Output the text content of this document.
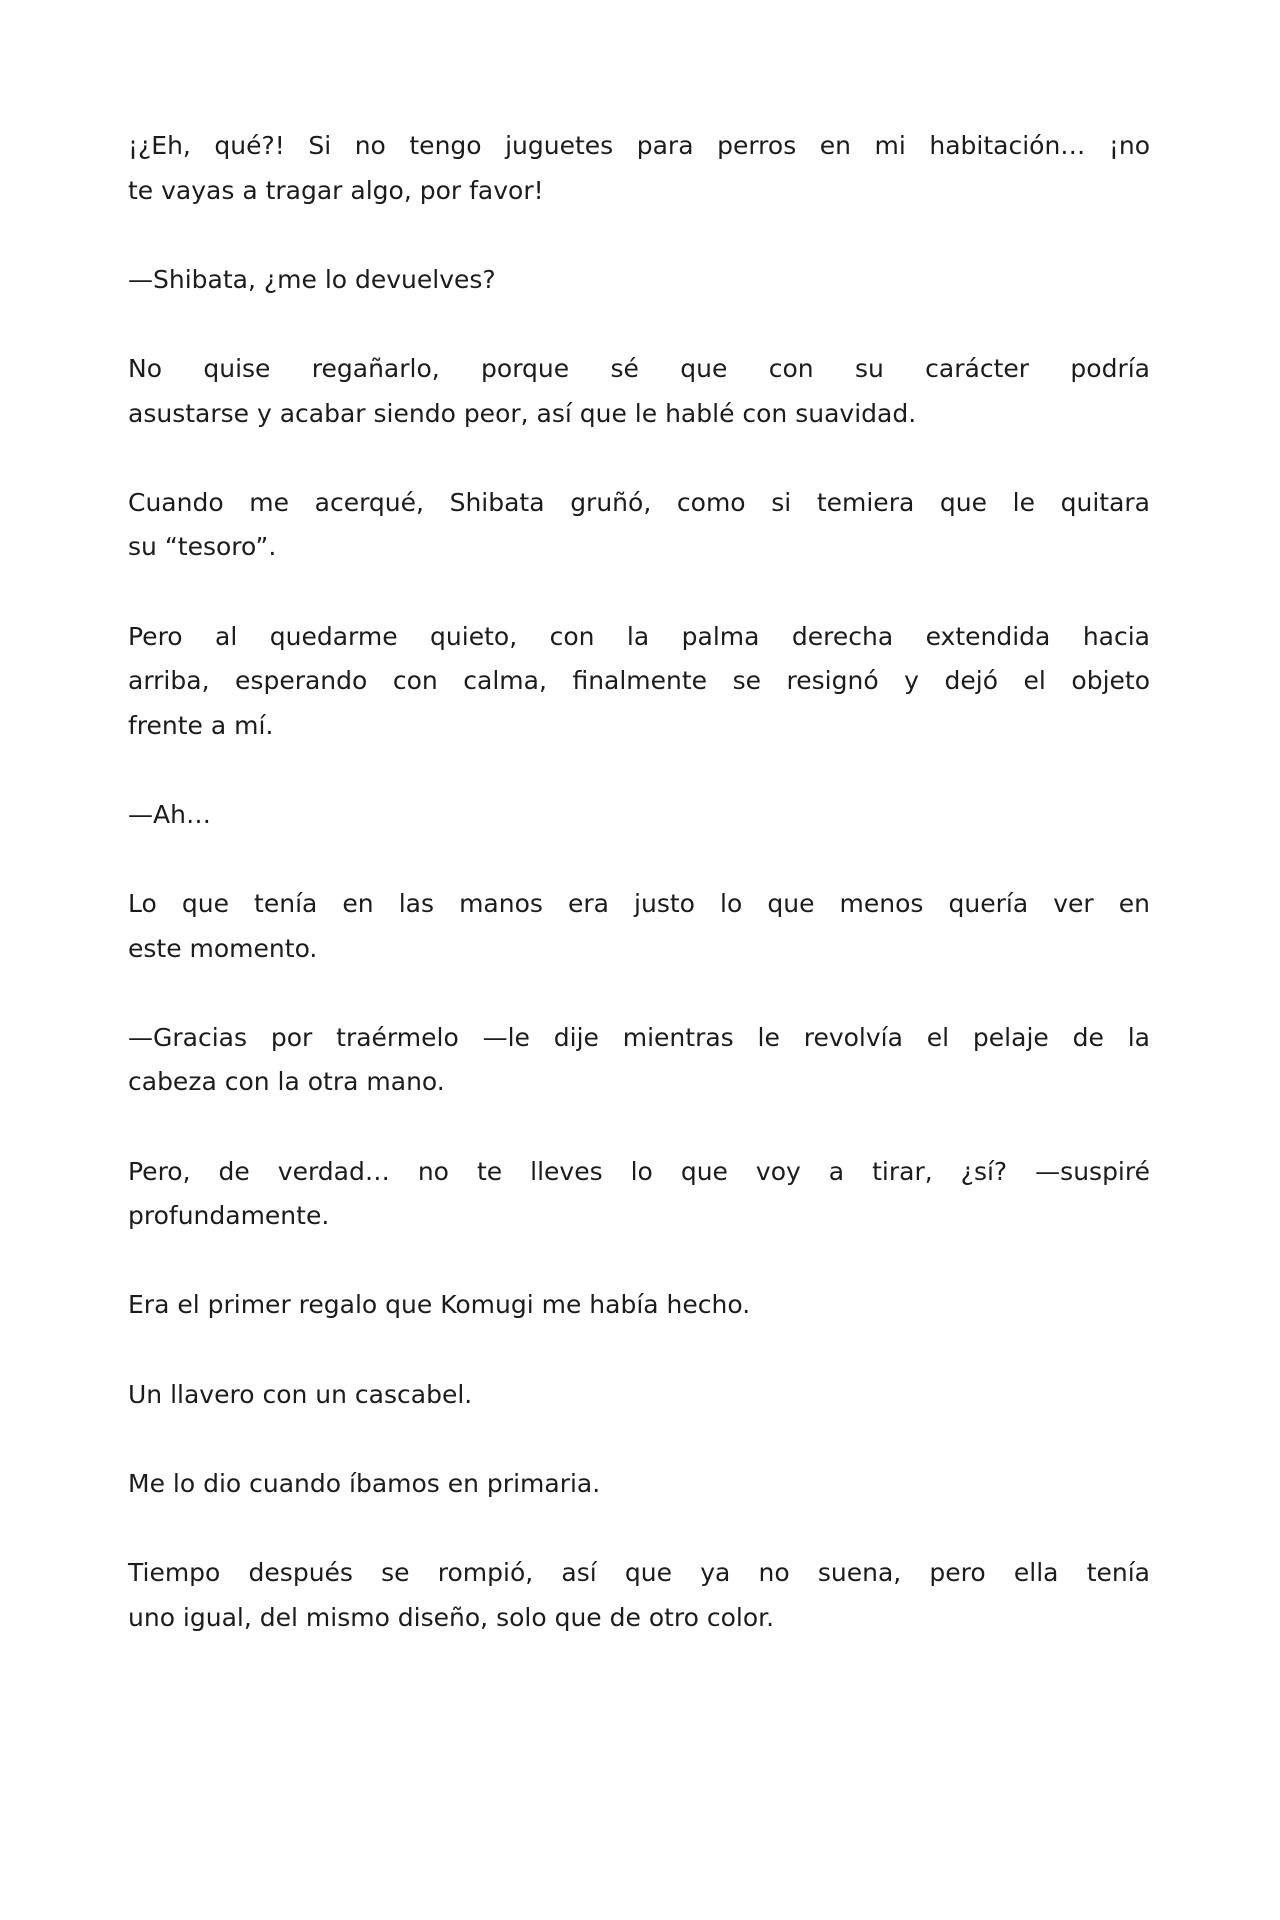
¡¿Eh, qué?! Si no tengo juguetes para perros en mi habitación… ¡no
te vayas a tragar algo, por favor!

—Shibata, ¿me lo devuelves?

No quise regañarlo, porque sé que con su carácter podría
asustarse y acabar siendo peor, así que le hablé con suavidad.

Cuando me acerqué, Shibata gruñó, como si temiera que le quitara
su “tesoro”.

Pero al quedarme quieto, con la palma derecha extendida hacia
arriba, esperando con calma, finalmente se resignó y dejó el objeto
frente a mí.

—Ah…

Lo que tenía en las manos era justo lo que menos quería ver en
este momento.

—Gracias por traérmelo —le dije mientras le revolvía el pelaje de la
cabeza con la otra mano.

Pero, de verdad… no te lleves lo que voy a tirar, ¿sí? —suspiré
profundamente.

Era el primer regalo que Komugi me había hecho.

Un llavero con un cascabel.

Me lo dio cuando íbamos en primaria.

Tiempo después se rompió, así que ya no suena, pero ella tenía
uno igual, del mismo diseño, solo que de otro color.
